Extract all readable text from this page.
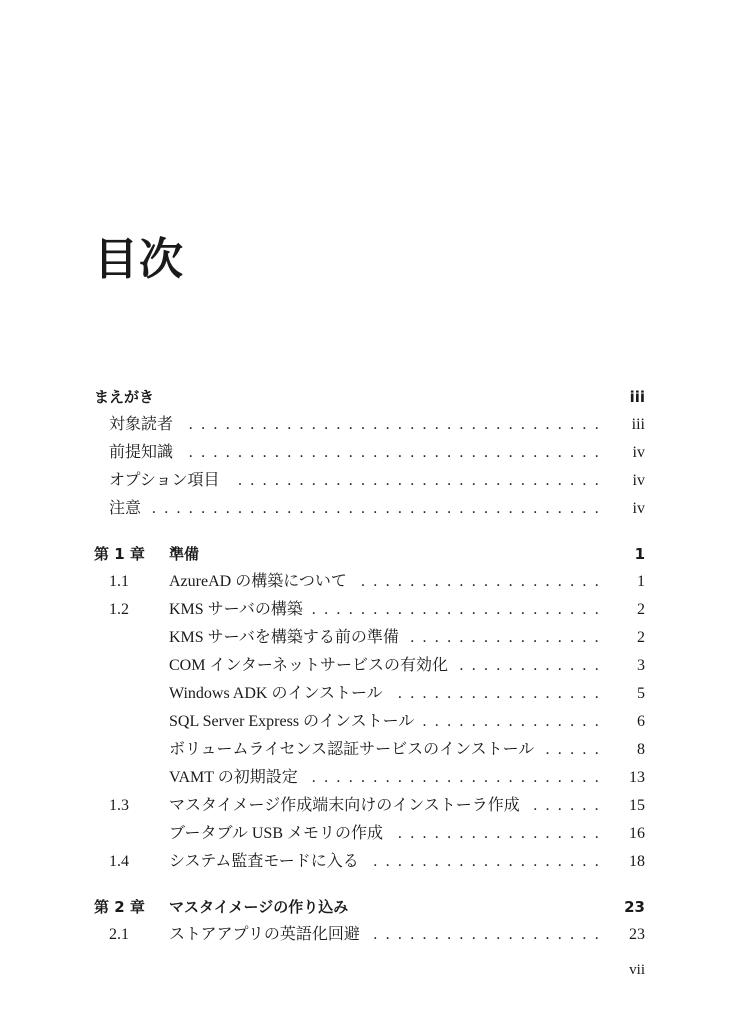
目次
まえがき	iii
対象読者 .................................. iii
前提知識 .................................. iv
オプション項目 .............................. iv
注意 ..................................... iv
第 1 章 準備	1
1.1	AzureAD の構築について .................... 1
1.2	KMS サーバの構築 ........................ 2
KMS サーバを構築する前の準備 ................ 2
COM インターネットサービスの有効化 ............ 3
Windows ADK のインストール ................. 5
SQL Server Express のインストール ............... 6
ボリュームライセンス認証サービスのインストール ..... 8
VAMT の初期設定 ........................ 13
1.3	マスタイメージ作成端末向けのインストーラ作成 ...... 15
ブータブル USB メモリの作成 ................. 16
1.4	システム監査モードに入る ................... 18
第 2 章 マスタイメージの作り込み	23
2.1	ストアアプリの英語化回避 ................... 23
vii
